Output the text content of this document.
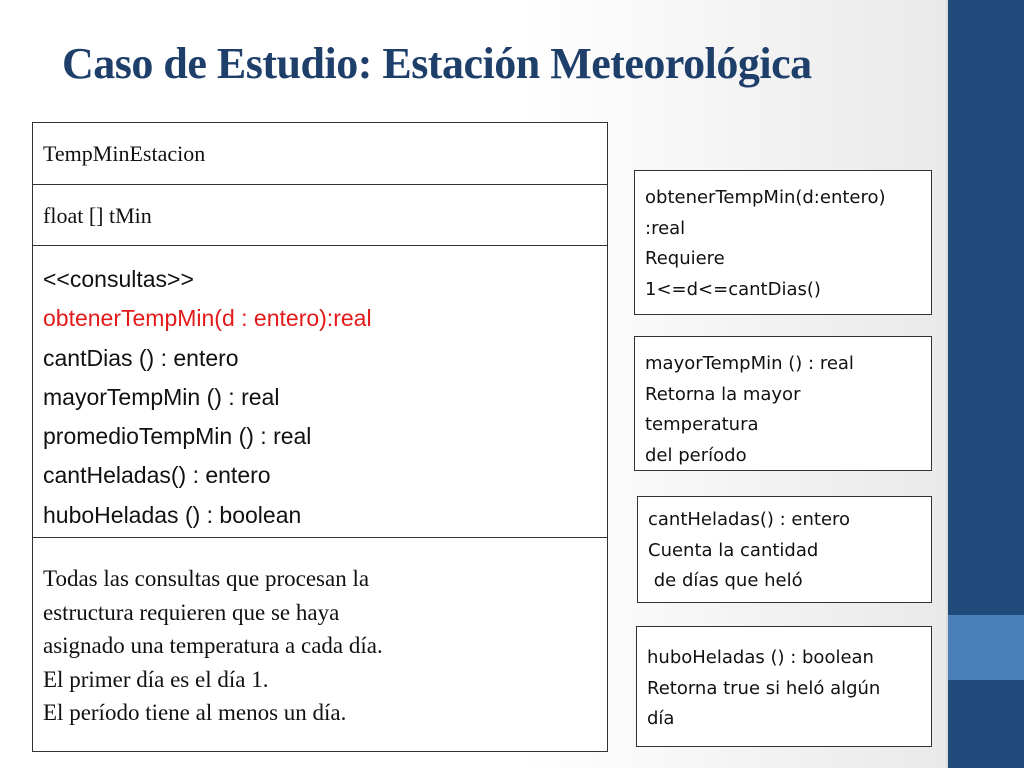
Caso de Estudio: Estación Meteorológica
TempMinEstacion
float [] tMin
<<consultas>>
obtenerTempMin(d : entero):real
cantDias () : entero
mayorTempMin () : real
promedioTempMin () : real
cantHeladas() : entero
huboHeladas () : boolean
Todas las consultas que procesan la
estructura requieren que se haya
asignado una temperatura a cada día.
El primer día es el día 1.
El período tiene al menos un día.
obtenerTempMin(d:entero)
:real
Requiere
1<=d<=cantDias()
mayorTempMin () : real
Retorna la mayor
temperatura
del período
cantHeladas() : entero
Cuenta la cantidad
de días que heló
huboHeladas () : boolean
Retorna true si heló algún
día
